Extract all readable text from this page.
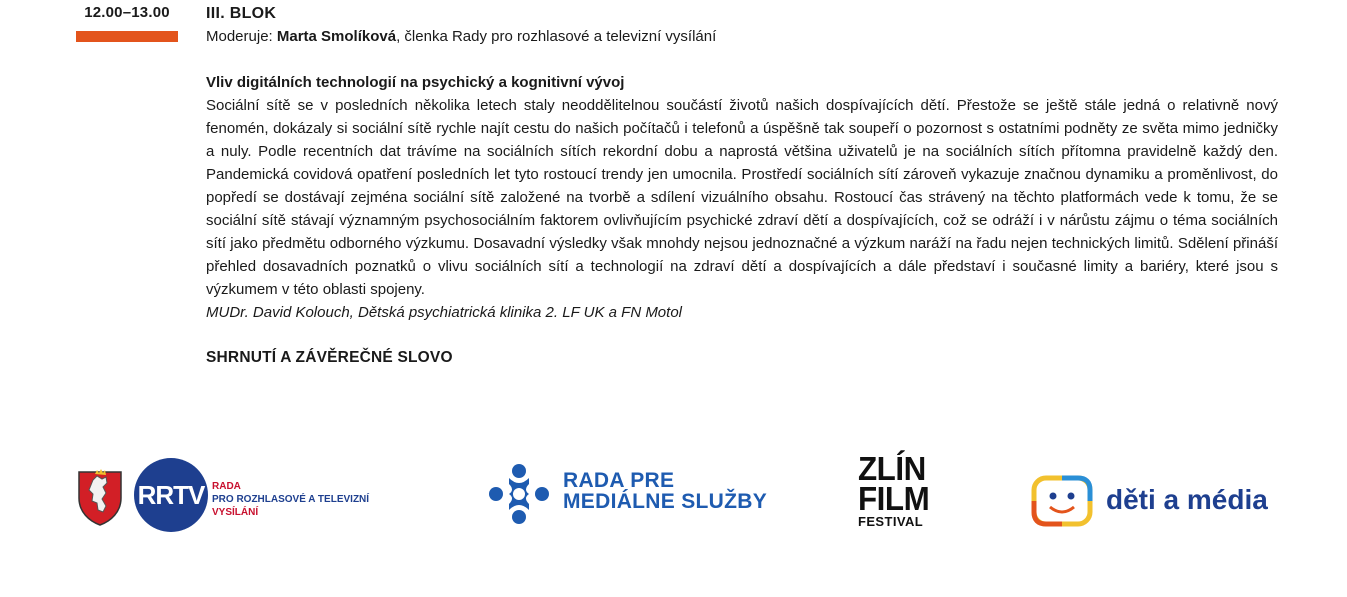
12.00–13.00	III. BLOK
Moderuje: Marta Smolíková, členka Rady pro rozhlasové a televizní vysílání
Vliv digitálních technologií na psychický a kognitivní vývoj
Sociální sítě se v posledních několika letech staly neoddělitelnou součástí životů našich dospívajících dětí. Přestože se ještě stále jedná o relativně nový fenomén, dokázaly si sociální sítě rychle najít cestu do našich počítačů i telefonů a úspěšně tak soupeří o pozornost s ostatními podněty ze světa mimo jedničky a nuly. Podle recentních dat trávíme na sociálních sítích rekordní dobu a naprostá většina uživatelů je na sociálních sítích přítomna pravidelně každý den. Pandemická covidová opatření posledních let tyto rostoucí trendy jen umocnila. Prostředí sociálních sítí zároveň vykazuje značnou dynamiku a proměnlivost, do popředí se dostávají zejména sociální sítě založené na tvorbě a sdílení vizuálního obsahu. Rostoucí čas strávený na těchto platformách vede k tomu, že se sociální sítě stávají významným psychosociálním faktorem ovlivňujícím psychické zdraví dětí a dospívajících, což se odráží i v nárůstu zájmu o téma sociálních sítí jako předmětu odborného výzkumu. Dosavadní výsledky však mnohdy nejsou jednoznačné a výzkum naráží na řadu nejen technických limitů. Sdělení přináší přehled dosavadních poznatků o vlivu sociálních sítí a technologií na zdraví dětí a dospívajících a dále představí i současné limity a bariéry, které jsou s výzkumem v této oblasti spojeny.
MUDr. David Kolouch, Dětská psychiatrická klinika 2. LF UK a FN Motol
SHRNUTÍ A ZÁVĚREČNÉ SLOVO
RRTV RADA
PRO ROZHLASOVÉ A TELEVIZNÍ
VYSÍLÁNÍ
RADA PRE
MEDIÁLNE SLUŽBY
ZLÍN
FILM
FESTIVAL
děti a média
